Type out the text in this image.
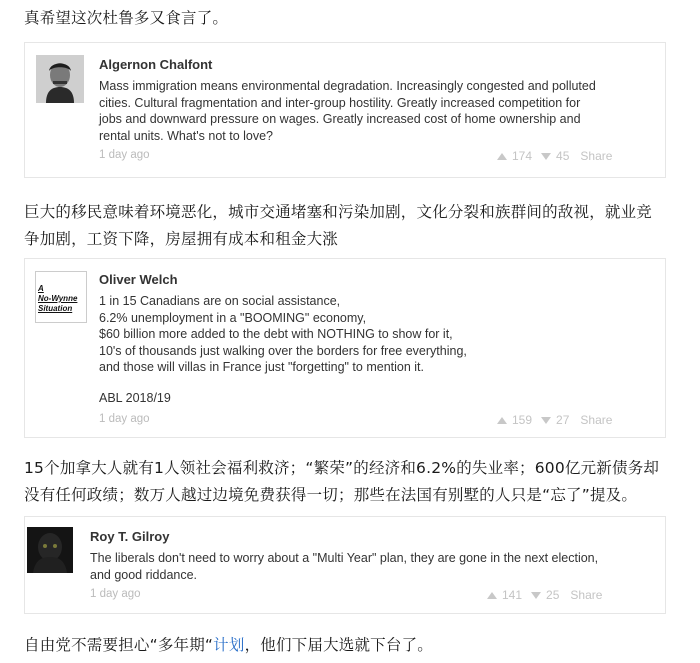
真希望这次杜鲁多又食言了。
Algernon Chalfont
Mass immigration means environmental degradation. Increasingly congested and polluted
cities. Cultural fragmentation and inter-group hostility. Greatly increased competition for
jobs and downward pressure on wages. Greatly increased cost of home ownership and
rental units. What's not to love?
1 day ago	174 45 Share
巨大的移民意味着环境恶化，城市交通堵塞和污染加剧，文化分裂和族群间的敌视，就业竞
争加剧，工资下降，房屋拥有成本和租金大涨
A
No-Wynne
Situation
Oliver Welch
1 in 15 Canadians are on social assistance,
6.2% unemployment in a "BOOMING" economy,
$60 billion more added to the debt with NOTHING to show for it,
10's of thousands just walking over the borders for free everything,
and those will villas in France just "forgetting" to mention it.
ABL 2018/19
1 day ago	159 27 Share
15个加拿大人就有1人领社会福利救济；“繁荣”的经济和6.2%的失业率；600亿元新债务却
没有任何政绩；数万人越过边境免费获得一切；那些在法国有别墅的人只是“忘了”提及。
Roy T. Gilroy
The liberals don't need to worry about a "Multi Year" plan, they are gone in the next election,
and good riddance.
1 day ago	141 25 Share
自由党不需要担心“多年期“计划，他们下届大选就下台了。
